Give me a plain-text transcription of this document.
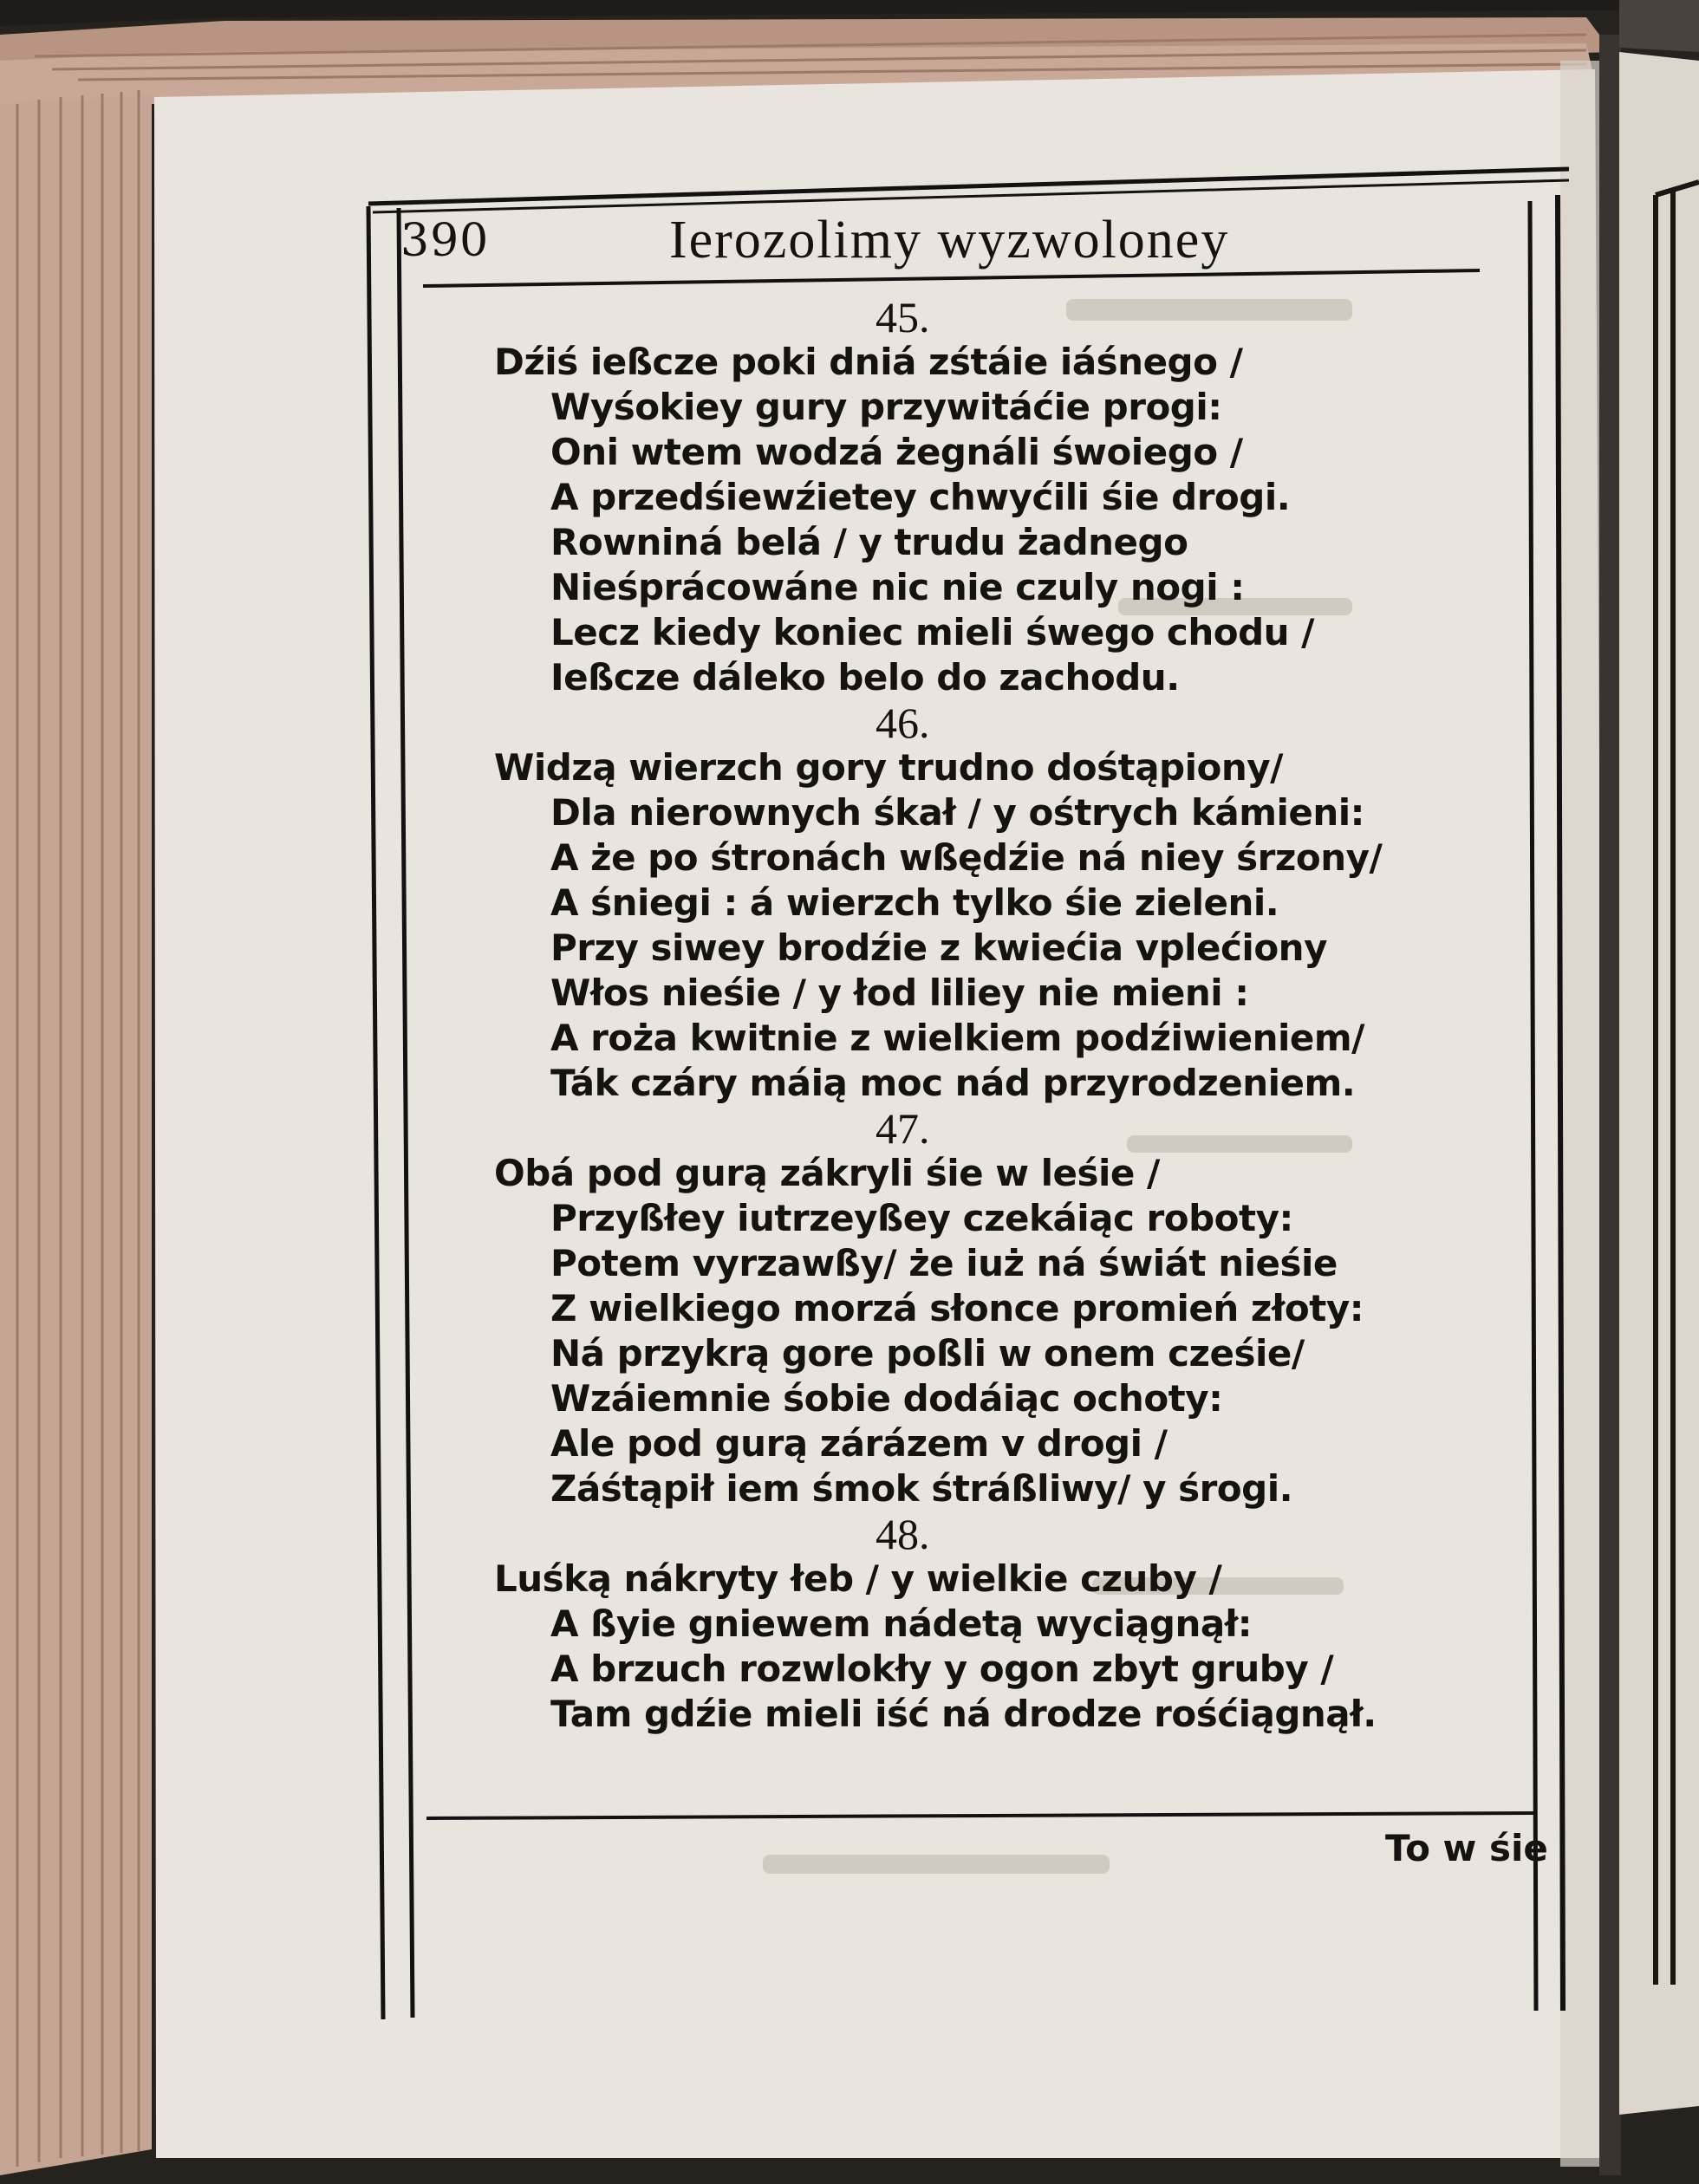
390	Ierozolimy wyzwoloney
45.
Dźiś ießcze poki dniá zśtáie iáśnego /
Wyśokiey gury przywitáćie progi:
Oni wtem wodzá żegnáli śwoiego /
A przedśiewźietey chwyćili śie drogi.
Rowniná belá / y trudu żadnego
Nieśprácowáne nic nie czuly nogi :
Lecz kiedy koniec mieli śwego chodu /
Ießcze dáleko belo do zachodu.
46.
Widzą wierzch gory trudno dośtąpiony/
Dla nierownych śkał / y ośtrych kámieni:
A że po śtronách wßędźie ná niey śrzony/
A śniegi : á wierzch tylko śie zieleni.
Przy siwey brodźie z kwiećia vplećiony
Włos nieśie / y łod liliey nie mieni :
A roża kwitnie z wielkiem podźiwieniem/
Ták czáry máią moc nád przyrodzeniem.
47.
Obá pod gurą zákryli śie w leśie /
Przyßłey iutrzeyßey czekáiąc roboty:
Potem vyrzawßy/ że iuż ná świát nieśie
Z wielkiego morzá słonce promień złoty:
Ná przykrą gore poßli w onem cześie/
Wzáiemnie śobie dodáiąc ochoty:
Ale pod gurą zárázem v drogi /
Záśtąpił iem śmok śtráßliwy/ y śrogi.
48.
Luśką nákryty łeb / y wielkie czuby /
A ßyie gniewem nádetą wyciągnął:
A brzuch rozwlokły y ogon zbyt gruby /
Tam gdźie mieli iść ná drodze rośćiągnął.
To w śie
